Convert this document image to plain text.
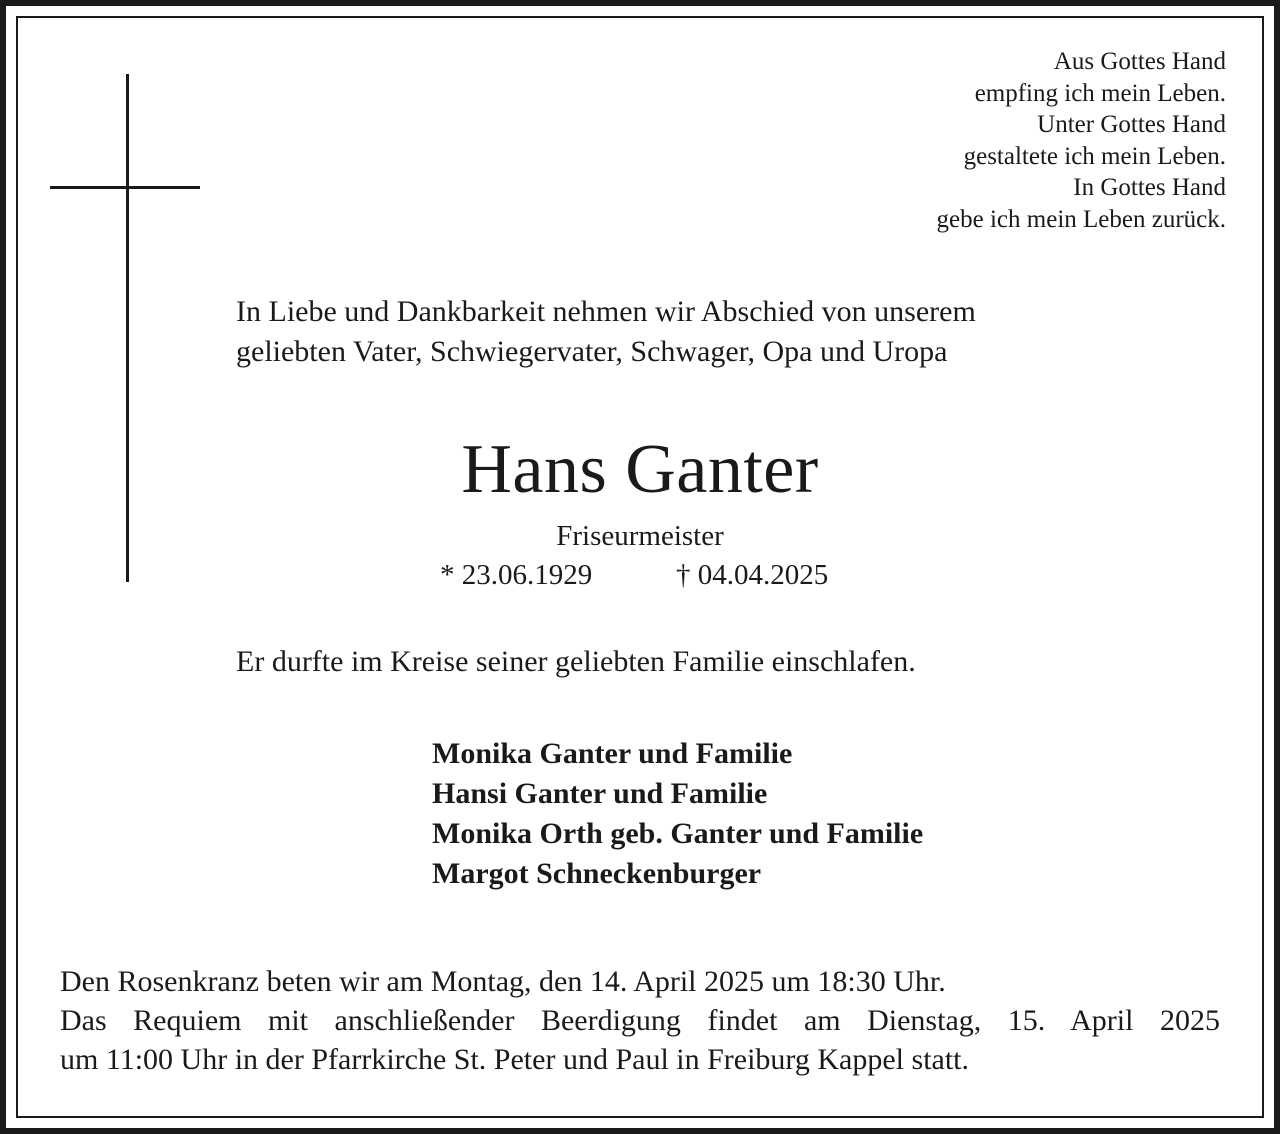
Aus Gottes Hand
empfing ich mein Leben.
Unter Gottes Hand
gestaltete ich mein Leben.
In Gottes Hand
gebe ich mein Leben zurück.
In Liebe und Dankbarkeit nehmen wir Abschied von unserem
geliebten Vater, Schwiegervater, Schwager, Opa und Uropa
Hans Ganter
Friseurmeister
* 23.06.1929	† 04.04.2025
Er durfte im Kreise seiner geliebten Familie einschlafen.
Monika Ganter und Familie
Hansi Ganter und Familie
Monika Orth geb. Ganter und Familie
Margot Schneckenburger
Den Rosenkranz beten wir am Montag, den 14. April 2025 um 18:30 Uhr.
Das Requiem mit anschließender Beerdigung findet am Dienstag, 15. April 2025
um 11:00 Uhr in der Pfarrkirche St. Peter und Paul in Freiburg Kappel statt.
